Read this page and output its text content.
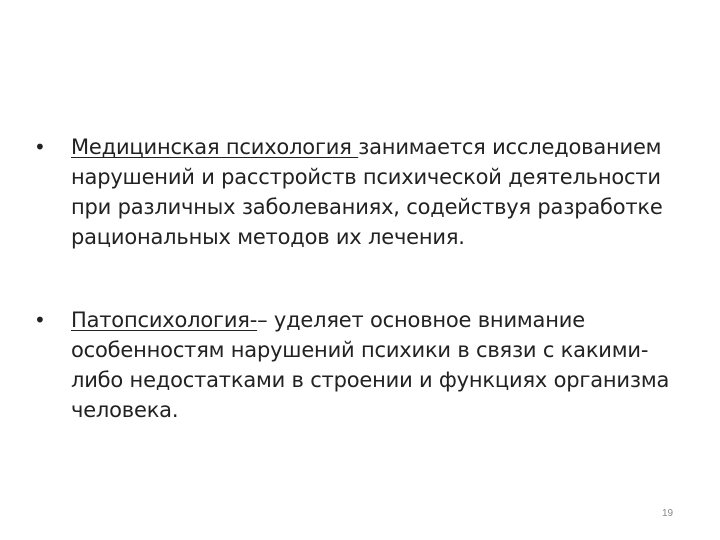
•	Медицинская психология занимается исследованием нарушений и расстройств психической деятельности при различных заболеваниях, содействуя разработке рациональных методов их лечения.
•	Патопсихология-– уделяет основное внимание особенностям нарушений психики в связи с какими-либо недостатками в строении и функциях организма человека.
19
